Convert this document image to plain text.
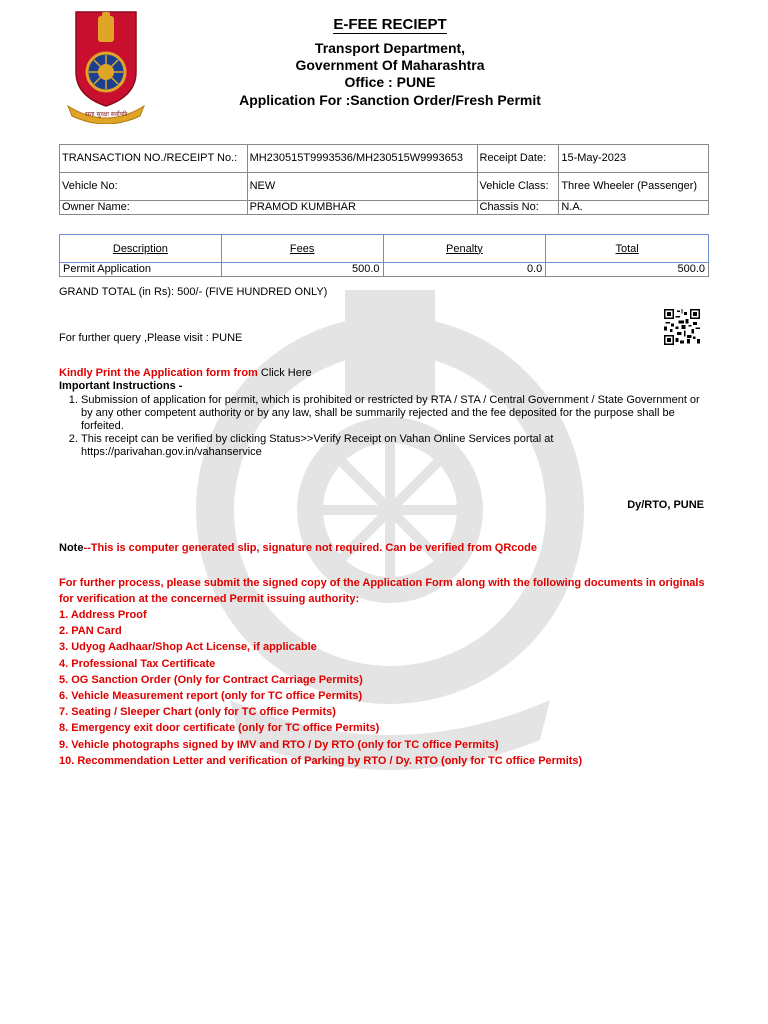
रस्ता सुरक्षा सर्वोपरि
E-FEE RECIEPT
Transport Department,
Government Of Maharashtra
Office : PUNE
Application For :Sanction Order/Fresh Permit
TRANSACTION NO./RECEIPT No.:	MH230515T9993536/MH230515W9993653	Receipt Date:	15-May-2023
Vehicle No:	NEW	Vehicle Class:	Three Wheeler (Passenger)
Owner Name:	PRAMOD KUMBHAR	Chassis No:	N.A.
Description	Fees	Penalty	Total
Permit Application	500.0	0.0	500.0
GRAND TOTAL (in Rs): 500/- (FIVE HUNDRED ONLY)
For further query ,Please visit : PUNE
Kindly Print the Application form from Click Here
Important Instructions -
1. Submission of application for permit, which is prohibited or restricted by RTA / STA / Central Government / State Government or by any other competent authority or by any law, shall be summarily rejected and the fee deposited for the purpose shall be forfeited.
2. This receipt can be verified by clicking Status>>Verify Receipt on Vahan Online Services portal at https://parivahan.gov.in/vahanservice
Dy/RTO, PUNE
Note--This is computer generated slip, signature not required. Can be verified from QRcode
For further process, please submit the signed copy of the Application Form along with the following documents in originals for verification at the concerned Permit issuing authority:
1. Address Proof
2. PAN Card
3. Udyog Aadhaar/Shop Act License, if applicable
4. Professional Tax Certificate
5. OG Sanction Order (Only for Contract Carriage Permits)
6. Vehicle Measurement report (only for TC office Permits)
7. Seating / Sleeper Chart (only for TC office Permits)
8. Emergency exit door certificate (only for TC office Permits)
9. Vehicle photographs signed by IMV and RTO / Dy RTO (only for TC office Permits)
10. Recommendation Letter and verification of Parking by RTO / Dy. RTO (only for TC office Permits)
